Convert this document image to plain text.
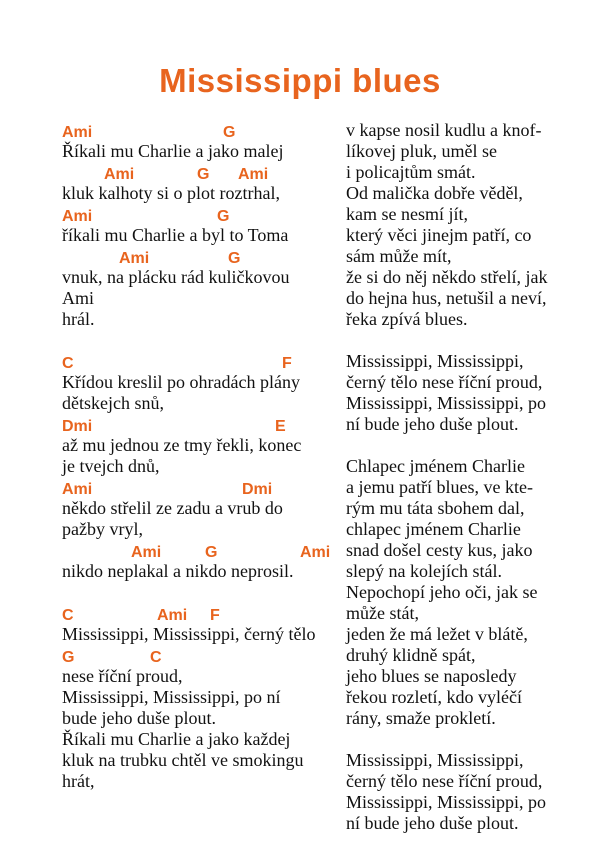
Mississippi blues
Ami	G
Říkali mu Charlie a jako malej
Ami	G Ami
kluk kalhoty si o plot roztrhal,
Ami	G
říkali mu Charlie a byl to Toma
Ami	G
vnuk, na plácku rád kuličkovou
Ami
hrál.
C	F
Křídou kreslil po ohradách plány
dětskejch snů,
Dmi	E
až mu jednou ze tmy řekli, konec
je tvejch dnů,
Ami	Dmi
někdo střelil ze zadu a vrub do
pažby vryl,
Ami	G	Ami
nikdo neplakal a nikdo neprosil.
C	Ami F
Mississippi, Mississippi, černý tělo
G	C
nese říční proud,
Mississippi, Mississippi, po ní
bude jeho duše plout.
Říkali mu Charlie a jako každej
kluk na trubku chtěl ve smokingu
hrát,
v kapse nosil kudlu a knof-
líkovej pluk, uměl se
i policajtům smát.
Od malička dobře věděl,
kam se nesmí jít,
který věci jinejm patří, co
sám může mít,
že si do něj někdo střelí, jak
do hejna hus, netušil a neví,
řeka zpívá blues.
Mississippi, Mississippi,
černý tělo nese říční proud,
Mississippi, Mississippi, po
ní bude jeho duše plout.
Chlapec jménem Charlie
a jemu patří blues, ve kte-
rým mu táta sbohem dal,
chlapec jménem Charlie
snad došel cesty kus, jako
slepý na kolejích stál.
Nepochopí jeho oči, jak se
může stát,
jeden že má ležet v blátě,
druhý klidně spát,
jeho blues se naposledy
řekou rozletí, kdo vyléčí
rány, smaže prokletí.
Mississippi, Mississippi,
černý tělo nese říční proud,
Mississippi, Mississippi, po
ní bude jeho duše plout.
